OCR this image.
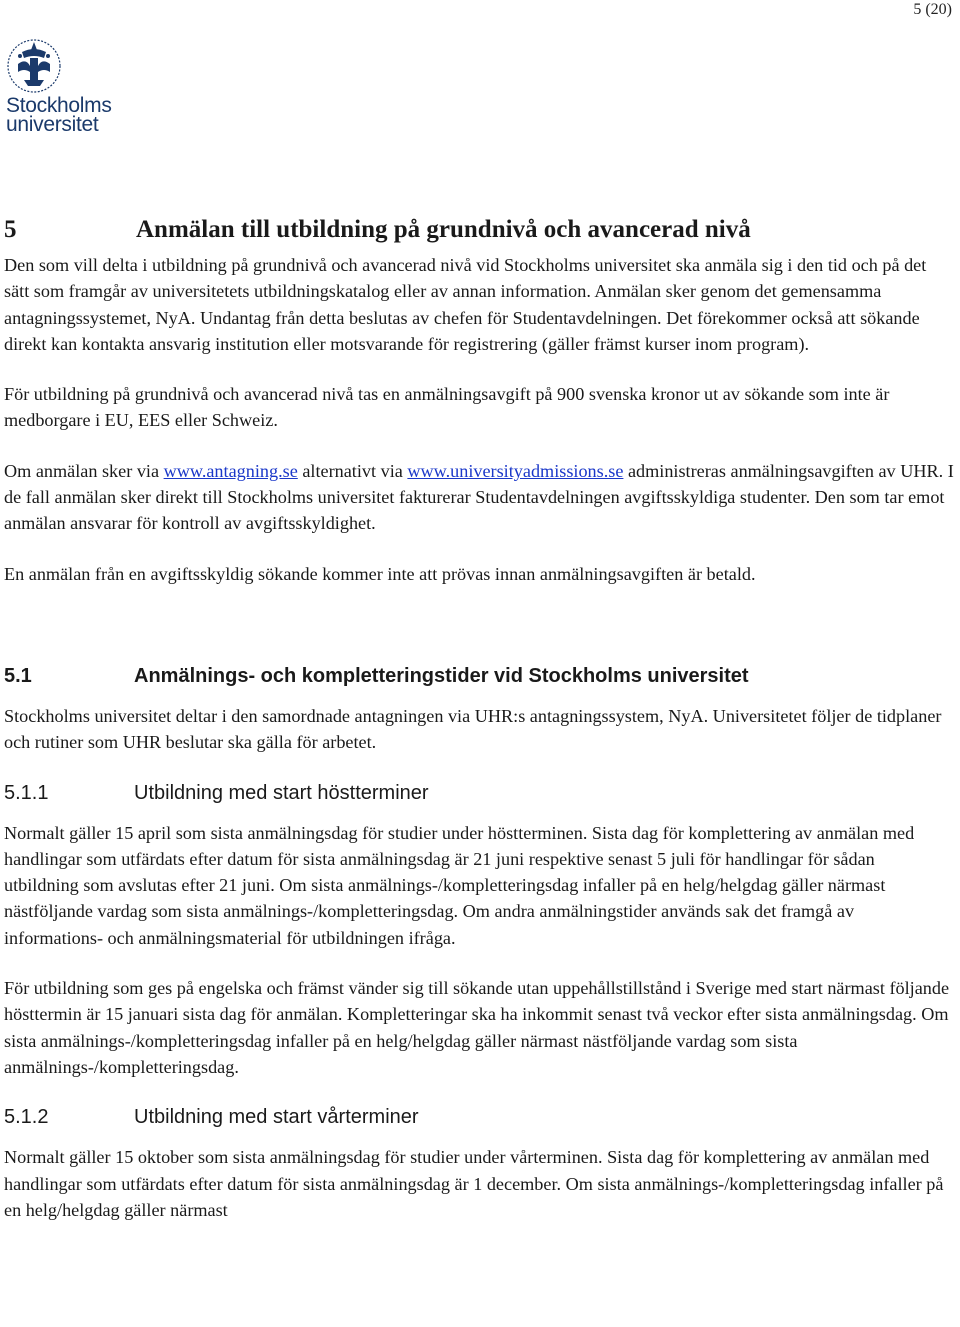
5 (20)
Stockholms
universitet
5	Anmälan till utbildning på grundnivå och avancerad nivå

Den som vill delta i utbildning på grundnivå och avancerad nivå vid Stockholms universitet ska anmäla sig i den tid och på det sätt som framgår av universitetets utbildningskatalog eller av annan information. Anmälan sker genom det gemensamma antagningssystemet, NyA. Undantag från detta beslutas av chefen för Studentavdelningen. Det förekommer också att sökande direkt kan kontakta ansvarig institution eller motsvarande för registrering (gäller främst kurser inom program).

För utbildning på grundnivå och avancerad nivå tas en anmälningsavgift på 900 svenska kronor ut av sökande som inte är medborgare i EU, EES eller Schweiz.

Om anmälan sker via www.antagning.se alternativt via www.universityadmissions.se administreras anmälningsavgiften av UHR. I de fall anmälan sker direkt till Stockholms universitet fakturerar Studentavdelningen avgiftsskyldiga studenter. Den som tar emot anmälan ansvarar för kontroll av avgiftsskyldighet.

En anmälan från en avgiftsskyldig sökande kommer inte att prövas innan anmälningsavgiften är betald.

5.1	Anmälnings- och kompletteringstider vid Stockholms universitet

Stockholms universitet deltar i den samordnade antagningen via UHR:s antagningssystem, NyA. Universitetet följer de tidplaner och rutiner som UHR beslutar ska gälla för arbetet.

5.1.1	Utbildning med start höstterminer

Normalt gäller 15 april som sista anmälningsdag för studier under höstterminen. Sista dag för komplettering av anmälan med handlingar som utfärdats efter datum för sista anmälningsdag är 21 juni respektive senast 5 juli för handlingar för sådan utbildning som avslutas efter 21 juni. Om sista anmälnings-/kompletteringsdag infaller på en helg/helgdag gäller närmast nästföljande vardag som sista anmälnings-/kompletteringsdag. Om andra anmälningstider används sak det framgå av informations- och anmälningsmaterial för utbildningen ifråga.

För utbildning som ges på engelska och främst vänder sig till sökande utan uppehållstillstånd i Sverige med start närmast följande hösttermin är 15 januari sista dag för anmälan. Kompletteringar ska ha inkommit senast två veckor efter sista anmälningsdag. Om sista anmälnings-/kompletteringsdag infaller på en helg/helgdag gäller närmast nästföljande vardag som sista anmälnings-/kompletteringsdag.

5.1.2	Utbildning med start vårterminer

Normalt gäller 15 oktober som sista anmälningsdag för studier under vårterminen. Sista dag för komplettering av anmälan med handlingar som utfärdats efter datum för sista anmälningsdag är 1 december. Om sista anmälnings-/kompletteringsdag infaller på en helg/helgdag gäller närmast
